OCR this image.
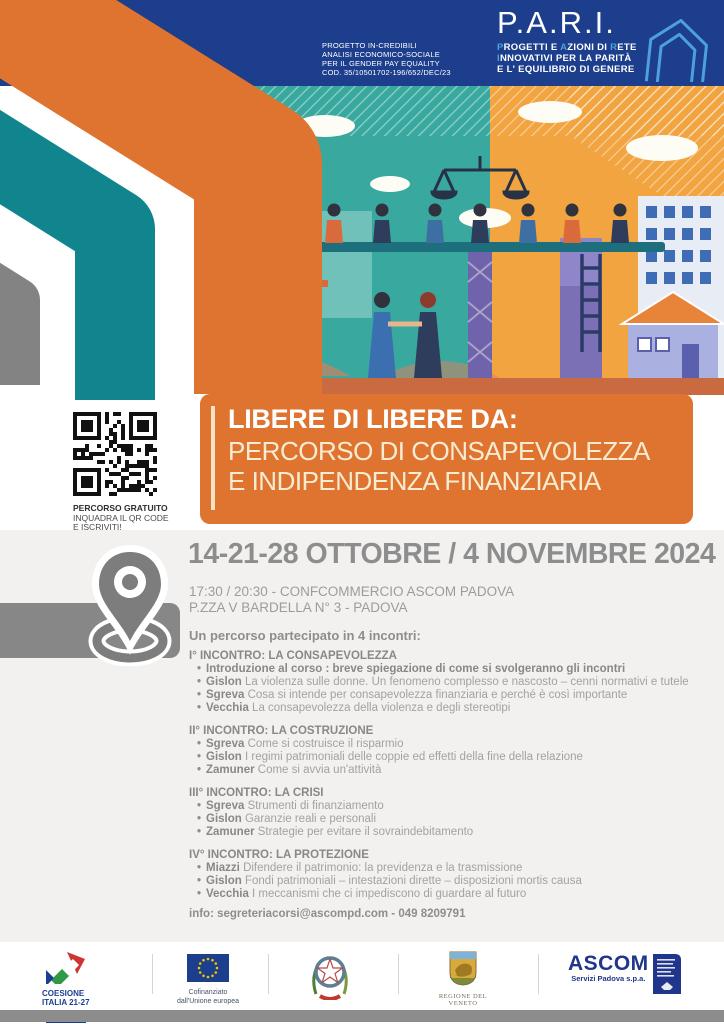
PROGETTO IN-CREDIBILI
ANALISI ECONOMICO-SOCIALE
PER IL GENDER PAY EQUALITY
COD. 35/10501702-196/652/DEC/23
P.A.R.I.
PROGETTI E AZIONI DI RETE
INNOVATIVI PER LA PARITÀ
E L' EQUILIBRIO DI GENERE
LIBERE DI LIBERE DA:
PERCORSO DI CONSAPEVOLEZZA
E INDIPENDENZA FINANZIARIA
PERCORSO GRATUITO
INQUADRA IL QR CODE
E ISCRIVITI!
14-21-28 OTTOBRE / 4 NOVEMBRE 2024
17:30 / 20:30 - CONFCOMMERCIO ASCOM PADOVA
P.ZZA V BARDELLA N° 3 - PADOVA
Un percorso partecipato in 4 incontri:
I° INCONTRO: LA CONSAPEVOLEZZA
• Introduzione al corso : breve spiegazione di come si svolgeranno gli incontri
• Gislon La violenza sulle donne. Un fenomeno complesso e nascosto – cenni normativi e tutele
• Sgreva Cosa si intende per consapevolezza finanziaria e perché è così importante
• Vecchia La consapevolezza della violenza e degli stereotipi
II° INCONTRO: LA COSTRUZIONE
• Sgreva Come si costruisce il risparmio
• Gislon I regimi patrimoniali delle coppie ed effetti della fine della relazione
• Zamuner Come si avvia un'attività
III° INCONTRO: LA CRISI
• Sgreva Strumenti di finanziamento
• Gislon Garanzie reali e personali
• Zamuner Strategie per evitare il sovraindebitamento
IV° INCONTRO: LA PROTEZIONE
• Miazzi Difendere il patrimonio: la previdenza e la trasmissione
• Gislon Fondi patrimoniali – intestazioni dirette – disposizioni mortis causa
• Vecchia I meccanismi che ci impediscono di guardare al futuro
info: segreteriacorsi@ascompd.com - 049 8209791
COESIONE
ITALIA 21-27
Cofinanziato
dall'Unione europea
REGIONE DEL VENETO
ASCOM
Servizi Padova s.p.a.
